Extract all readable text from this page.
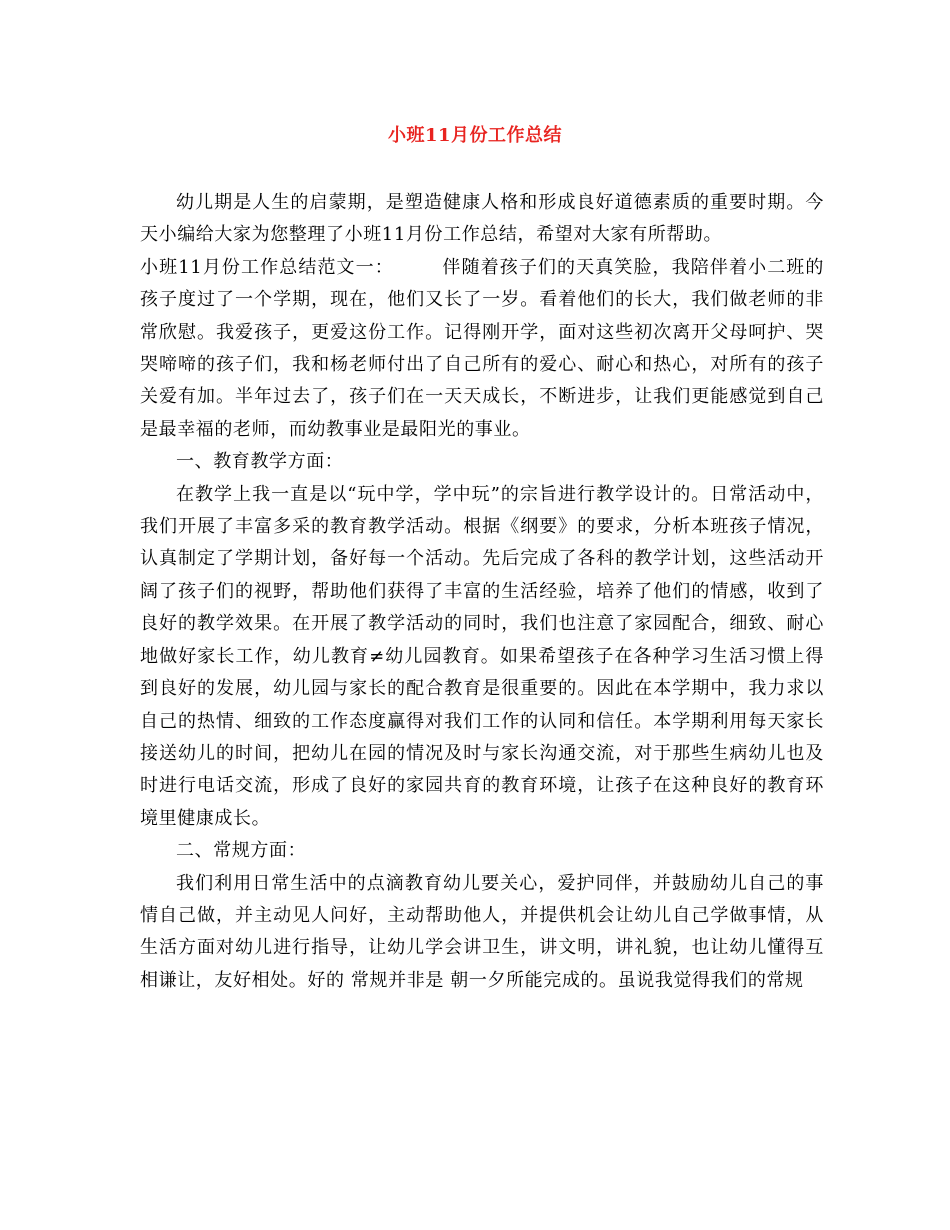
小班11月份工作总结

幼儿期是人生的启蒙期，是塑造健康人格和形成良好道德素质的重要时期。今天小编给大家为您整理了小班11月份工作总结，希望对大家有所帮助。

小班11月份工作总结范文一：	伴随着孩子们的天真笑脸，我陪伴着小二班的孩子度过了一个学期，现在，他们又长了一岁。看着他们的长大，我们做老师的非常欣慰。我爱孩子，更爱这份工作。记得刚开学，面对这些初次离开父母呵护、哭哭啼啼的孩子们，我和杨老师付出了自己所有的爱心、耐心和热心，对所有的孩子关爱有加。半年过去了，孩子们在一天天成长，不断进步，让我们更能感觉到自己是最幸福的老师，而幼教事业是最阳光的事业。

一、教育教学方面：

在教学上我一直是以“玩中学，学中玩”的宗旨进行教学设计的。日常活动中，我们开展了丰富多采的教育教学活动。根据《纲要》的要求，分析本班孩子情况，认真制定了学期计划，备好每一个活动。先后完成了各科的教学计划，这些活动开阔了孩子们的视野，帮助他们获得了丰富的生活经验，培养了他们的情感，收到了良好的教学效果。在开展了教学活动的同时，我们也注意了家园配合，细致、耐心地做好家长工作，幼儿教育≠幼儿园教育。如果希望孩子在各种学习生活习惯上得到良好的发展，幼儿园与家长的配合教育是很重要的。因此在本学期中，我力求以自己的热情、细致的工作态度赢得对我们工作的认同和信任。本学期利用每天家长接送幼儿的时间，把幼儿在园的情况及时与家长沟通交流，对于那些生病幼儿也及时进行电话交流，形成了良好的家园共育的教育环境，让孩子在这种良好的教育环境里健康成长。

二、常规方面：

我们利用日常生活中的点滴教育幼儿要关心，爱护同伴，并鼓励幼儿自己的事情自己做，并主动见人问好，主动帮助他人，并提供机会让幼儿自己学做事情，从生活方面对幼儿进行指导，让幼儿学会讲卫生，讲文明，讲礼貌，也让幼儿懂得互相谦让，友好相处。好的 常规并非是 朝一夕所能完成的。虽说我觉得我们的常规
